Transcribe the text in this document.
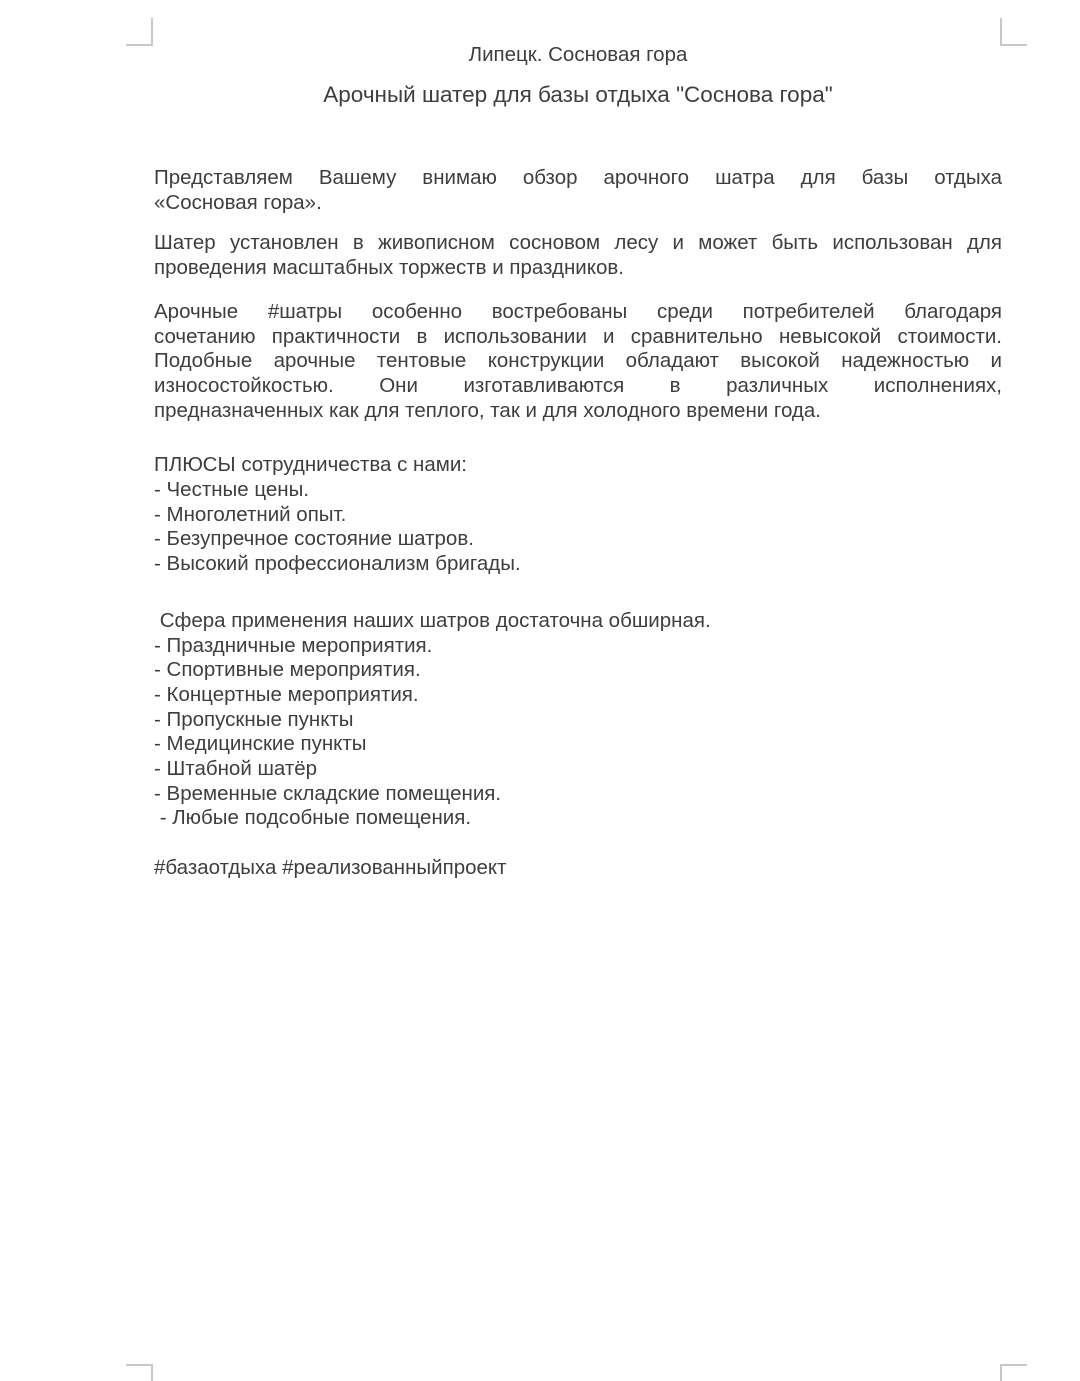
Липецк. Сосновая гора
Арочный шатер для базы отдыха "Соснова гора"
Представляем Вашему внимаю обзор арочного шатра для базы отдыха
«Сосновая гора».
Шатер установлен в живописном сосновом лесу и может быть использован для
проведения масштабных торжеств и праздников.
Арочные #шатры особенно востребованы среди потребителей благодаря
сочетанию практичности в использовании и сравнительно невысокой стоимости.
Подобные арочные тентовые конструкции обладают высокой надежностью и
износостойкостью. Они изготавливаются в различных исполнениях,
предназначенных как для теплого, так и для холодного времени года.
ПЛЮСЫ сотрудничества с нами:
- Честные цены.
- Многолетний опыт.
- Безупречное состояние шатров.
- Высокий профессионализм бригады.
Сфера применения наших шатров достаточна обширная.
- Праздничные мероприятия.
- Спортивные мероприятия.
- Концертные мероприятия.
- Пропускные пункты
- Медицинские пункты
- Штабной шатёр
- Временные складские помещения.
- Любые подсобные помещения.
#базаотдыха #реализованныйпроект
